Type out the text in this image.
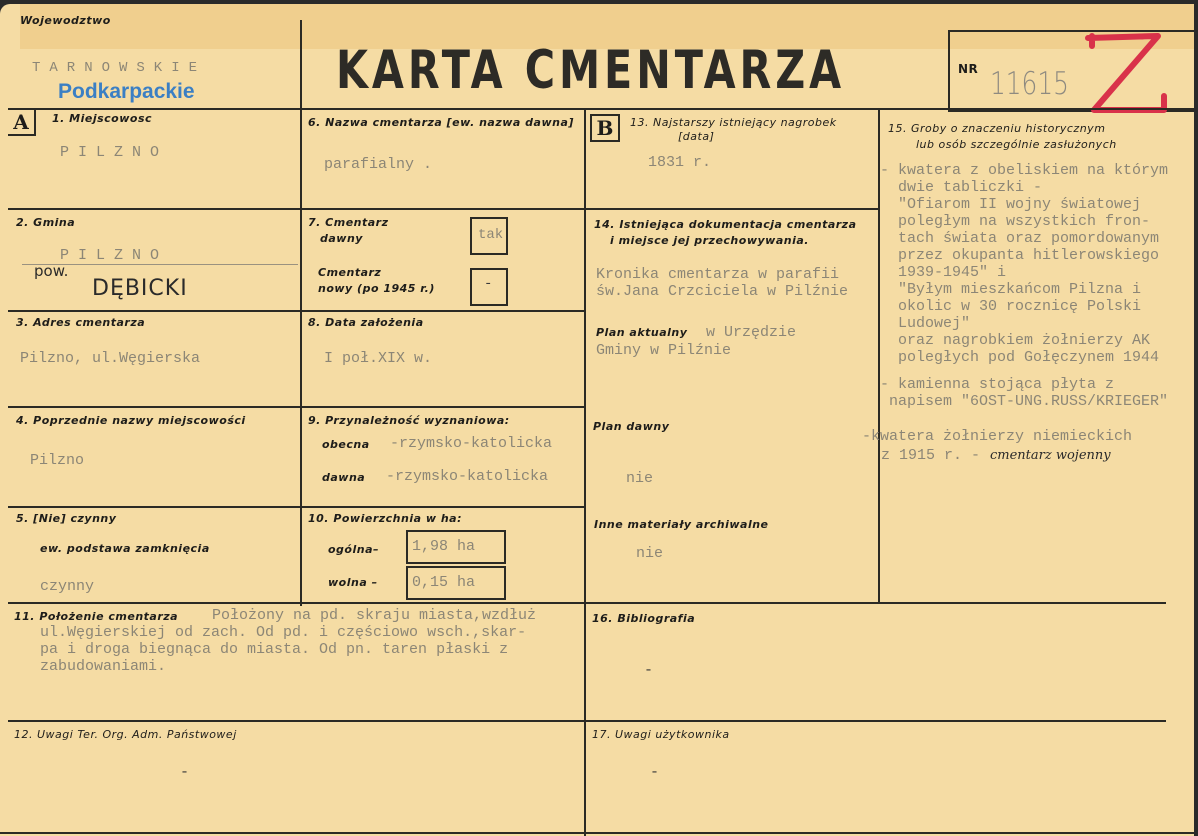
Wojewodztwo
TARNOWSKIE
Podkarpackie	KARTA CMENTARZA	NR 11615
A	1. Miejscowosc
PILZNO
2. Gmina
PILZNO
pow.
DĘBICKI
3. Adres cmentarza
Pilzno, ul.Węgierska
4. Poprzednie nazwy miejscowości
Pilzno
5. [Nie] czynny
ew. podstawa zamknięcia
czynny
6. Nazwa cmentarza [ew. nazwa dawna]
parafialny .
7. Cmentarz
dawny	tak
Cmentarz
nowy (po 1945 r.)	-
8. Data założenia
I poł.XIX w.
9. Przynależność wyznaniowa:
obecna -rzymsko-katolicka
dawna -rzymsko-katolicka
10. Powierzchnia w ha:
ogólna– 1,98 ha
wolna – 0,15 ha
B	13. Najstarszy istniejący nagrobek
[data]
1831 r.
14. Istniejąca dokumentacja cmentarza
i miejsce jej przechowywania.
Kronika cmentarza w parafii
św.Jana Crzciciela w Pilźnie
Plan aktualny w Urzędzie
Gminy w Pilźnie
Plan dawny
nie
Inne materiały archiwalne
nie
15. Groby o znaczeniu historycznym
lub osób szczególnie zasłużonych
- kwatera z obeliskiem na którym
dwie tabliczki -
"Ofiarom II wojny światowej
poległym na wszystkich fron-
tach świata oraz pomordowanym
przez okupanta hitlerowskiego
1939-1945" i
"Byłym mieszkańcom Pilzna i
okolic w 30 rocznicę Polski
Ludowej"
oraz nagrobkiem żołnierzy AK
poległych pod Gołęczynem 1944
- kamienna stojąca płyta z
napisem "6OST-UNG.RUSS/KRIEGER"
-kwatera żołnierzy niemieckich
z 1915 r. - cmentarz wojenny
11. Położenie cmentarza Położony na pd. skraju miasta,wzdłuż
ul.Węgierskiej od zach. Od pd. i częściowo wsch.,skar-
pa i droga biegnąca do miasta. Od pn. taren płaski z
zabudowaniami.
12. Uwagi Ter. Org. Adm. Państwowej
-
16. Bibliografia
-
17. Uwagi użytkownika
-
